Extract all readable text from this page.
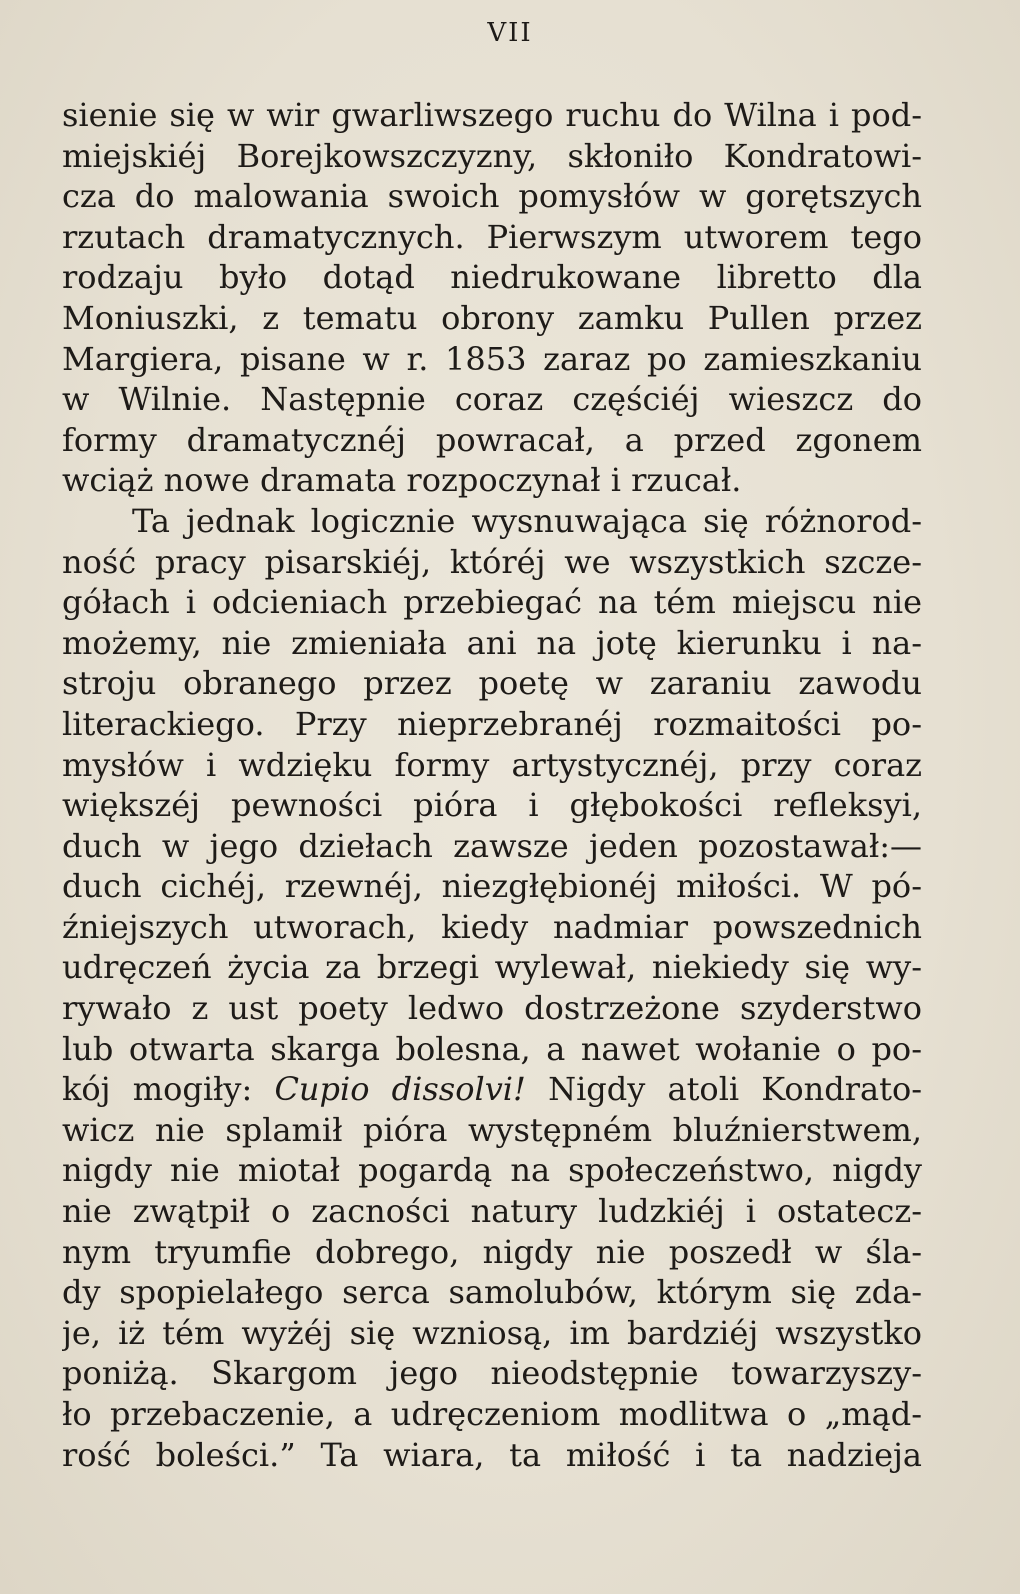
VII
sienie się w wir gwarliwszego ruchu do Wilna i pod-
miejskiéj Borejkowszczyzny, skłoniło Kondratowi-
cza do malowania swoich pomysłów w gorętszych
rzutach dramatycznych. Pierwszym utworem tego
rodzaju było dotąd niedrukowane libretto dla
Moniuszki, z tematu obrony zamku Pullen przez
Margiera, pisane w r. 1853 zaraz po zamieszkaniu
w Wilnie. Następnie coraz częściéj wieszcz do
formy dramatycznéj powracał, a przed zgonem
wciąż nowe dramata rozpoczynał i rzucał.
Ta jednak logicznie wysnuwająca się różnorod-
ność pracy pisarskiéj, któréj we wszystkich szcze-
gółach i odcieniach przebiegać na tém miejscu nie
możemy, nie zmieniała ani na jotę kierunku i na-
stroju obranego przez poetę w zaraniu zawodu
literackiego. Przy nieprzebranéj rozmaitości po-
mysłów i wdzięku formy artystycznéj, przy coraz
większéj pewności pióra i głębokości refleksyi,
duch w jego dziełach zawsze jeden pozostawał:—
duch cichéj, rzewnéj, niezgłębionéj miłości. W pó-
źniejszych utworach, kiedy nadmiar powszednich
udręczeń życia za brzegi wylewał, niekiedy się wy-
rywało z ust poety ledwo dostrzeżone szyderstwo
lub otwarta skarga bolesna, a nawet wołanie o po-
kój mogiły: Cupio dissolvi! Nigdy atoli Kondrato-
wicz nie splamił pióra występném bluźnierstwem,
nigdy nie miotał pogardą na społeczeństwo, nigdy
nie zwątpił o zacności natury ludzkiéj i ostatecz-
nym tryumfie dobrego, nigdy nie poszedł w śla-
dy spopielałego serca samolubów, którym się zda-
je, iż tém wyżéj się wzniosą, im bardziéj wszystko
poniżą. Skargom jego nieodstępnie towarzyszy-
ło przebaczenie, a udręczeniom modlitwa o „mąd-
rość boleści.” Ta wiara, ta miłość i ta nadzieja
